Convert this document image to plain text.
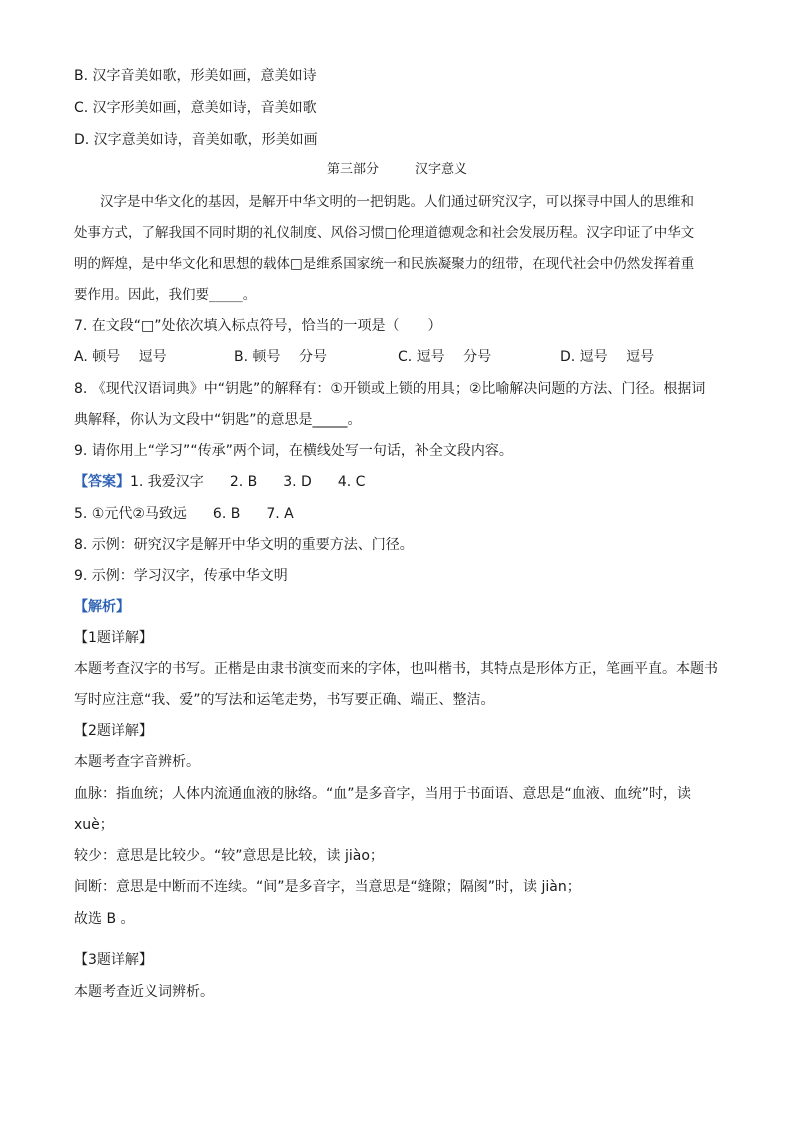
B. 汉字音美如歌，形美如画，意美如诗
C. 汉字形美如画，意美如诗，音美如歌
D. 汉字意美如诗，音美如歌，形美如画
第三部分	汉字意义
汉字是中华文化的基因，是解开中华文明的一把钥匙。人们通过研究汉字，可以探寻中国人的思维和
处事方式，了解我国不同时期的礼仪制度、风俗习惯□伦理道德观念和社会发展历程。汉字印证了中华文
明的辉煌，是中华文化和思想的载体□是维系国家统一和民族凝聚力的纽带，在现代社会中仍然发挥着重
要作用。因此，我们要_____。
7. 在文段“□”处依次填入标点符号，恰当的一项是（　　）
A. 顿号　 逗号	B. 顿号　 分号	C. 逗号　 分号	D. 逗号　 逗号
8. 《现代汉语词典》中“钥匙”的解释有：①开锁或上锁的用具；②比喻解决问题的方法、门径。根据词
典解释，你认为文段中“钥匙”的意思是_____。
9. 请你用上“学习”“传承”两个词，在横线处写一句话，补全文段内容。
【答案】1. 我爱汉字 2. B 3. D 4. C
5. ①元代②马致远 6. B 7. A
8. 示例：研究汉字是解开中华文明的重要方法、门径。
9. 示例：学习汉字，传承中华文明
【解析】
【1题详解】
本题考查汉字的书写。正楷是由隶书演变而来的字体，也叫楷书，其特点是形体方正，笔画平直。本题书
写时应注意“我、爱”的写法和运笔走势，书写要正确、端正、整洁。
【2题详解】
本题考查字音辨析。
血脉：指血统；人体内流通血液的脉络。“血”是多音字，当用于书面语、意思是“血液、血统”时，读
xuè；
较少：意思是比较少。“较”意思是比较，读 jiào；
间断：意思是中断而不连续。“间”是多音字，当意思是“缝隙；隔阂”时，读 jiàn；
故选 B 。
【3题详解】
本题考查近义词辨析。
